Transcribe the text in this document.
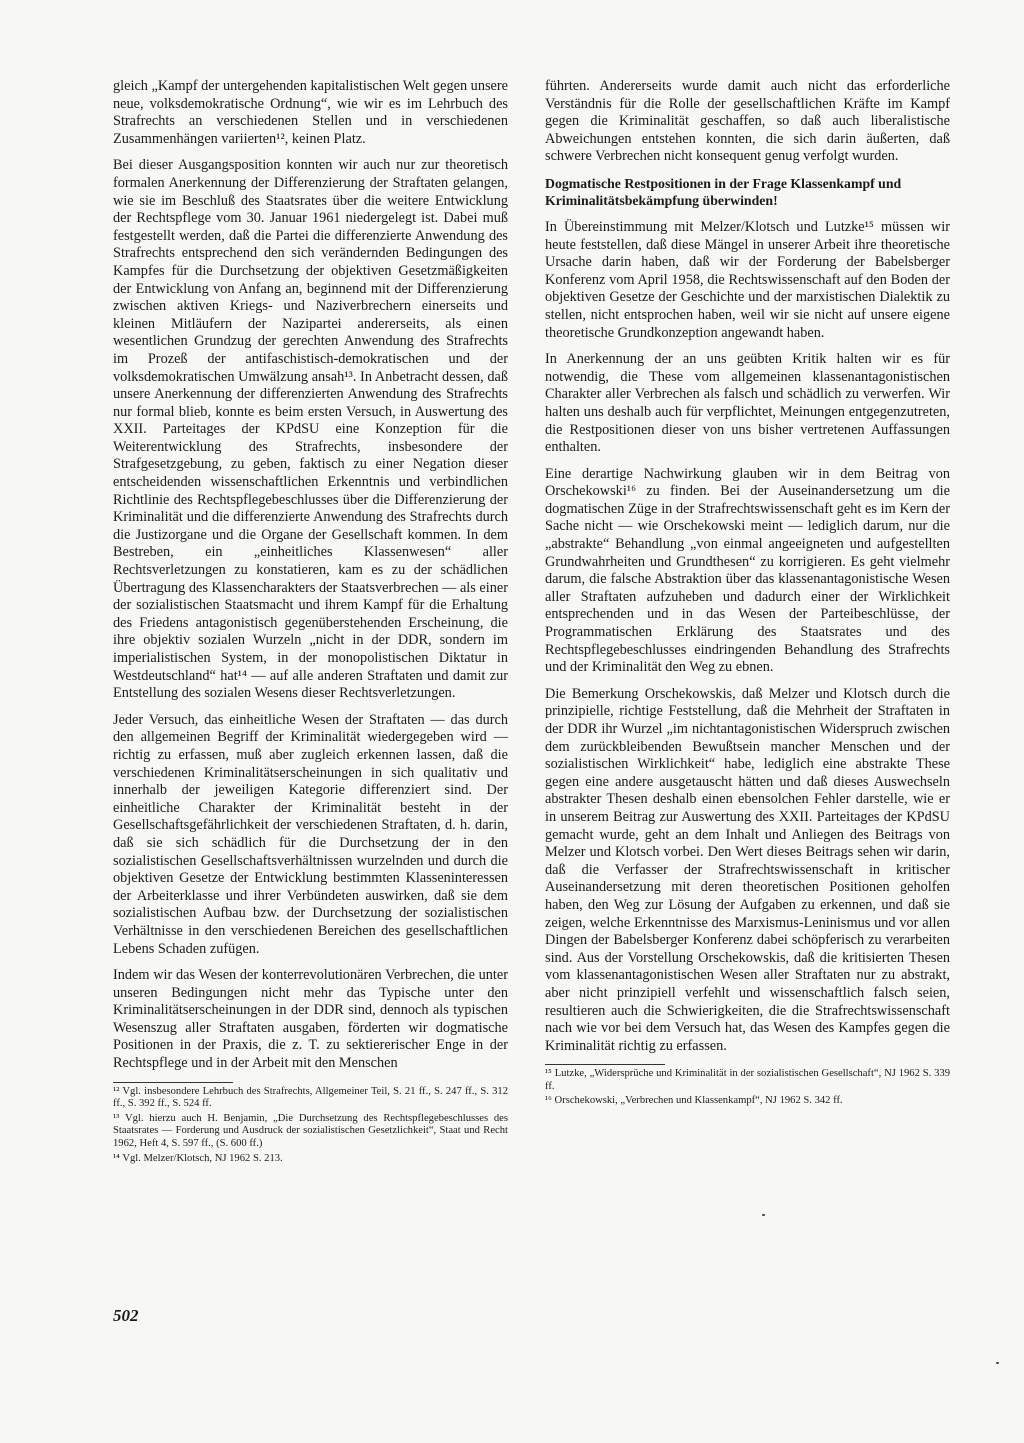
gleich „Kampf der untergehenden kapitalistischen Welt gegen unsere neue, volksdemokratische Ordnung“, wie wir es im Lehrbuch des Strafrechts an verschiedenen Stellen und in verschiedenen Zusammenhängen variierten¹², keinen Platz.

Bei dieser Ausgangsposition konnten wir auch nur zur theoretisch formalen Anerkennung der Differenzierung der Straftaten gelangen, wie sie im Beschluß des Staatsrates über die weitere Entwicklung der Rechtspflege vom 30. Januar 1961 niedergelegt ist. Dabei muß festgestellt werden, daß die Partei die differenzierte Anwendung des Strafrechts entsprechend den sich verändernden Bedingungen des Kampfes für die Durchsetzung der objektiven Gesetzmäßigkeiten der Entwicklung von Anfang an, beginnend mit der Differenzierung zwischen aktiven Kriegs- und Naziverbrechern einerseits und kleinen Mitläufern der Nazipartei andererseits, als einen wesentlichen Grundzug der gerechten Anwendung des Strafrechts im Prozeß der antifaschistisch-demokratischen und der volksdemokratischen Umwälzung ansah¹³. In Anbetracht dessen, daß unsere Anerkennung der differenzierten Anwendung des Strafrechts nur formal blieb, konnte es beim ersten Versuch, in Auswertung des XXII. Parteitages der KPdSU eine Konzeption für die Weiterentwicklung des Strafrechts, insbesondere der Strafgesetzgebung, zu geben, faktisch zu einer Negation dieser entscheidenden wissenschaftlichen Erkenntnis und verbindlichen Richtlinie des Rechtspflegebeschlusses über die Differenzierung der Kriminalität und die differenzierte Anwendung des Strafrechts durch die Justizorgane und die Organe der Gesellschaft kommen. In dem Bestreben, ein „einheitliches Klassenwesen“ aller Rechtsverletzungen zu konstatieren, kam es zu der schädlichen Übertragung des Klassencharakters der Staatsverbrechen — als einer der sozialistischen Staatsmacht und ihrem Kampf für die Erhaltung des Friedens antagonistisch gegenüberstehenden Erscheinung, die ihre objektiv sozialen Wurzeln „nicht in der DDR, sondern im imperialistischen System, in der monopolistischen Diktatur in Westdeutschland“ hat¹⁴ — auf alle anderen Straftaten und damit zur Entstellung des sozialen Wesens dieser Rechtsverletzungen.

Jeder Versuch, das einheitliche Wesen der Straftaten — das durch den allgemeinen Begriff der Kriminalität wiedergegeben wird — richtig zu erfassen, muß aber zugleich erkennen lassen, daß die verschiedenen Kriminalitätserscheinungen in sich qualitativ und innerhalb der jeweiligen Kategorie differenziert sind. Der einheitliche Charakter der Kriminalität besteht in der Gesellschaftsgefährlichkeit der verschiedenen Straftaten, d. h. darin, daß sie sich schädlich für die Durchsetzung der in den sozialistischen Gesellschaftsverhältnissen wurzelnden und durch die objektiven Gesetze der Entwicklung bestimmten Klasseninteressen der Arbeiterklasse und ihrer Verbündeten auswirken, daß sie dem sozialistischen Aufbau bzw. der Durchsetzung der sozialistischen Verhältnisse in den verschiedenen Bereichen des gesellschaftlichen Lebens Schaden zufügen.

Indem wir das Wesen der konterrevolutionären Verbrechen, die unter unseren Bedingungen nicht mehr das Typische unter den Kriminalitätserscheinungen in der DDR sind, dennoch als typischen Wesenszug aller Straftaten ausgaben, förderten wir dogmatische Positionen in der Praxis, die z. T. zu sektiererischer Enge in der Rechtspflege und in der Arbeit mit den Menschen

¹² Vgl. insbesondere Lehrbuch des Strafrechts, Allgemeiner Teil, S. 21 ff., S. 247 ff., S. 312 ff., S. 392 ff., S. 524 ff.

¹³ Vgl. hierzu auch H. Benjamin, „Die Durchsetzung des Rechtspflegebeschlusses des Staatsrates — Forderung und Ausdruck der sozialistischen Gesetzlichkeit“, Staat und Recht 1962, Heft 4, S. 597 ff., (S. 600 ff.)

¹⁴ Vgl. Melzer/Klotsch, NJ 1962 S. 213.

führten. Andererseits wurde damit auch nicht das erforderliche Verständnis für die Rolle der gesellschaftlichen Kräfte im Kampf gegen die Kriminalität geschaffen, so daß auch liberalistische Abweichungen entstehen konnten, die sich darin äußerten, daß schwere Verbrechen nicht konsequent genug verfolgt wurden.

Dogmatische Restpositionen in der Frage Klassenkampf und Kriminalitätsbekämpfung überwinden!

In Übereinstimmung mit Melzer/Klotsch und Lutzke¹⁵ müssen wir heute feststellen, daß diese Mängel in unserer Arbeit ihre theoretische Ursache darin haben, daß wir der Forderung der Babelsberger Konferenz vom April 1958, die Rechtswissenschaft auf den Boden der objektiven Gesetze der Geschichte und der marxistischen Dialektik zu stellen, nicht entsprochen haben, weil wir sie nicht auf unsere eigene theoretische Grundkonzeption angewandt haben.

In Anerkennung der an uns geübten Kritik halten wir es für notwendig, die These vom allgemeinen klassenantagonistischen Charakter aller Verbrechen als falsch und schädlich zu verwerfen. Wir halten uns deshalb auch für verpflichtet, Meinungen entgegenzutreten, die Restpositionen dieser von uns bisher vertretenen Auffassungen enthalten.

Eine derartige Nachwirkung glauben wir in dem Beitrag von Orschekowski¹⁶ zu finden. Bei der Auseinandersetzung um die dogmatischen Züge in der Strafrechtswissenschaft geht es im Kern der Sache nicht — wie Orschekowski meint — lediglich darum, nur die „abstrakte“ Behandlung „von einmal angeeigneten und aufgestellten Grundwahrheiten und Grundthesen“ zu korrigieren. Es geht vielmehr darum, die falsche Abstraktion über das klassenantagonistische Wesen aller Straftaten aufzuheben und dadurch einer der Wirklichkeit entsprechenden und in das Wesen der Parteibeschlüsse, der Programmatischen Erklärung des Staatsrates und des Rechtspflegebeschlusses eindringenden Behandlung des Strafrechts und der Kriminalität den Weg zu ebnen.

Die Bemerkung Orschekowskis, daß Melzer und Klotsch durch die prinzipielle, richtige Feststellung, daß die Mehrheit der Straftaten in der DDR ihr Wurzel „im nichtantagonistischen Widerspruch zwischen dem zurückbleibenden Bewußtsein mancher Menschen und der sozialistischen Wirklichkeit“ habe, lediglich eine abstrakte These gegen eine andere ausgetauscht hätten und daß dieses Auswechseln abstrakter Thesen deshalb einen ebensolchen Fehler darstelle, wie er in unserem Beitrag zur Auswertung des XXII. Parteitages der KPdSU gemacht wurde, geht an dem Inhalt und Anliegen des Beitrags von Melzer und Klotsch vorbei. Den Wert dieses Beitrags sehen wir darin, daß die Verfasser der Strafrechtswissenschaft in kritischer Auseinandersetzung mit deren theoretischen Positionen geholfen haben, den Weg zur Lösung der Aufgaben zu erkennen, und daß sie zeigen, welche Erkenntnisse des Marxismus-Leninismus und vor allen Dingen der Babelsberger Konferenz dabei schöpferisch zu verarbeiten sind. Aus der Vorstellung Orschekowskis, daß die kritisierten Thesen vom klassenantagonistischen Wesen aller Straftaten nur zu abstrakt, aber nicht prinzipiell verfehlt und wissenschaftlich falsch seien, resultieren auch die Schwierigkeiten, die die Strafrechtswissenschaft nach wie vor bei dem Versuch hat, das Wesen des Kampfes gegen die Kriminalität richtig zu erfassen.

¹⁵ Lutzke, „Widersprüche und Kriminalität in der sozialistischen Gesellschaft“, NJ 1962 S. 339 ff.

¹⁶ Orschekowski, „Verbrechen und Klassenkampf“, NJ 1962 S. 342 ff.

502
